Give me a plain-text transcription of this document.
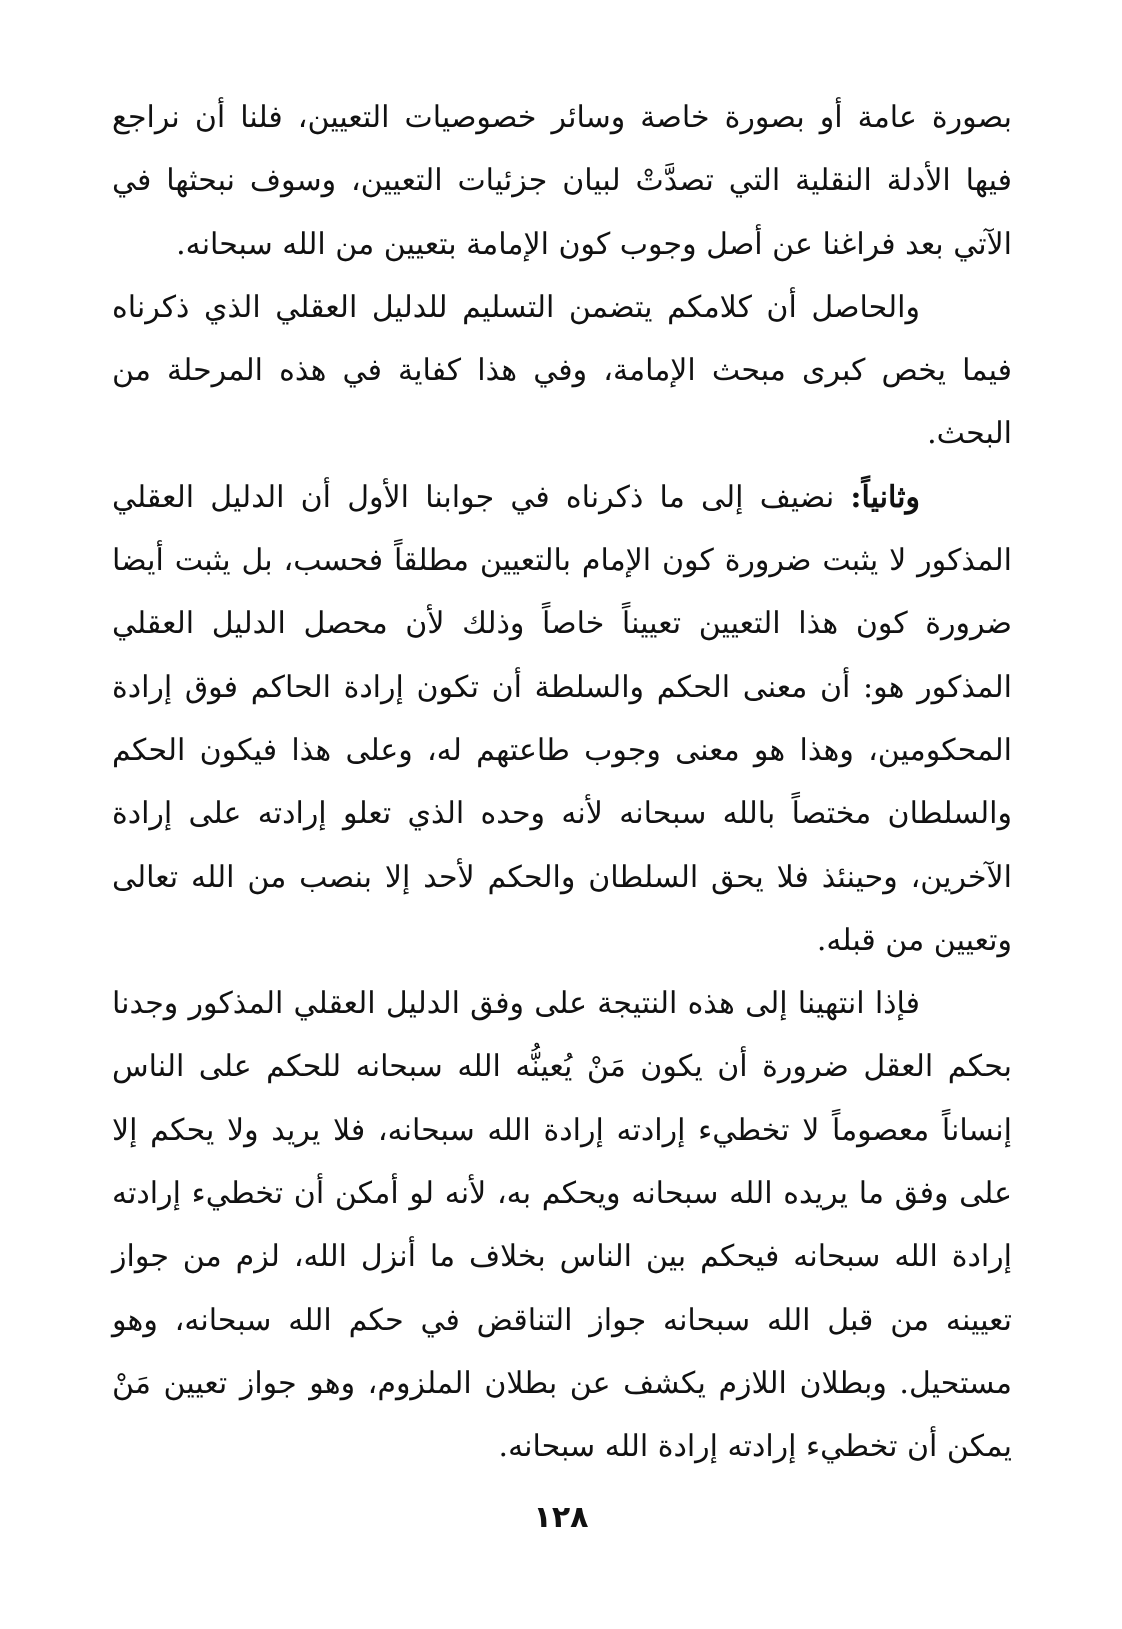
بصورة عامة أو بصورة خاصة وسائر خصوصيات التعيين، فلنا أن نراجع فيها الأدلة النقلية التي تصدَّتْ لبيان جزئيات التعيين، وسوف نبحثها في الآتي بعد فراغنا عن أصل وجوب كون الإمامة بتعيين من الله سبحانه.

والحاصل أن كلامكم يتضمن التسليم للدليل العقلي الذي ذكرناه فيما يخص كبرى مبحث الإمامة، وفي هذا كفاية في هذه المرحلة من البحث.

وثانياً: نضيف إلى ما ذكرناه في جوابنا الأول أن الدليل العقلي المذكور لا يثبت ضرورة كون الإمام بالتعيين مطلقاً فحسب، بل يثبت أيضا ضرورة كون هذا التعيين تعييناً خاصاً وذلك لأن محصل الدليل العقلي المذكور هو: أن معنى الحكم والسلطة أن تكون إرادة الحاكم فوق إرادة المحكومين، وهذا هو معنى وجوب طاعتهم له، وعلى هذا فيكون الحكم والسلطان مختصاً بالله سبحانه لأنه وحده الذي تعلو إرادته على إرادة الآخرين، وحينئذ فلا يحق السلطان والحكم لأحد إلا بنصب من الله تعالى وتعيين من قبله.

فإذا انتهينا إلى هذه النتيجة على وفق الدليل العقلي المذكور وجدنا بحكم العقل ضرورة أن يكون مَنْ يُعينُّه الله سبحانه للحكم على الناس إنساناً معصوماً لا تخطيء إرادته إرادة الله سبحانه، فلا يريد ولا يحكم إلا على وفق ما يريده الله سبحانه ويحكم به، لأنه لو أمكن أن تخطيء إرادته إرادة الله سبحانه فيحكم بين الناس بخلاف ما أنزل الله، لزم من جواز تعيينه من قبل الله سبحانه جواز التناقض في حكم الله سبحانه، وهو مستحيل. وبطلان اللازم يكشف عن بطلان الملزوم، وهو جواز تعيين مَنْ يمكن أن تخطيء إرادته إرادة الله سبحانه.

١٢٨
